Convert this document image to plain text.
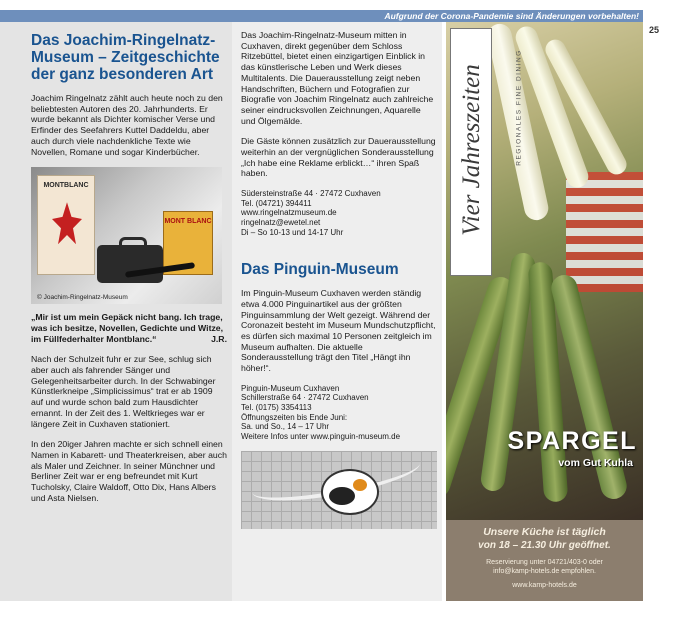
Aufgrund der Corona-Pandemie sind Änderungen vorbehalten!
25
Das Joachim-Ringelnatz-Museum – Zeitgeschichte der ganz besonderen Art

Joachim Ringelnatz zählt auch heute noch zu den beliebtesten Autoren des 20. Jahrhunderts. Er wurde bekannt als Dichter komischer Verse und Erfinder des Seefahrers Kuttel Daddeldu, aber auch durch viele nachdenkliche Texte wie Novellen, Romane und sogar Kinderbücher.

MONTBLANC
MONT BLANC
© Joachim-Ringelnatz-Museum
„Mir ist um mein Gepäck nicht bang. Ich trage, was ich besitze, Novellen, Gedichte und Witze, im Füllfederhalter Montblanc.“	J.R.

Nach der Schulzeit fuhr er zur See, schlug sich aber auch als fahrender Sänger und Gelegenheitsarbeiter durch. In der Schwabinger Künstlerkneipe „Simplicissimus“ trat er ab 1909 auf und wurde schon bald zum Hausdichter ernannt. In der Zeit des 1. Weltkrieges war er längere Zeit in Cuxhaven stationiert.

In den 20iger Jahren machte er sich schnell einen Namen in Kabarett- und Theaterkreisen, aber auch als Maler und Zeichner. In seiner Münchner und Berliner Zeit war er eng befreundet mit Kurt Tucholsky, Claire Waldoff, Otto Dix, Hans Albers und Asta Nielsen.

Das Joachim-Ringelnatz-Museum mitten in Cuxhaven, direkt gegenüber dem Schloss Ritzebüttel, bietet einen einzigartigen Einblick in das künstlerische Leben und Werk dieses Multitalents. Die Dauerausstellung zeigt neben Handschriften, Büchern und Fotografien zur Biografie von Joachim Ringelnatz auch zahlreiche seiner eindrucksvollen Zeichnungen, Aquarelle und Ölgemälde.

Die Gäste können zusätzlich zur Dauerausstellung weiterhin an der vergnüglichen Sonderausstellung „Ich habe eine Reklame erblickt…“ ihren Spaß haben.

Südersteinstraße 44 · 27472 Cuxhaven
Tel. (04721) 394411
www.ringelnatzmuseum.de
ringelnatz@ewetel.net
Di – So 10-13 und 14-17 Uhr
Das Pinguin-Museum

Im Pinguin-Museum Cuxhaven werden ständig etwa 4.000 Pinguinartikel aus der größten Pinguinsammlung der Welt gezeigt. Während der Coronazeit besteht im Museum Mundschutzpflicht, es dürfen sich maximal 10 Personen zeitgleich im Museum aufhalten. Die aktuelle Sonderausstellung trägt den Titel „Hängt ihn höher!“.

Pinguin-Museum Cuxhaven
Schillerstraße 64 · 27472 Cuxhaven
Tel. (0175) 3354113
Öffnungszeiten bis Ende Juni:
Sa. und So., 14 – 17 Uhr
Weitere Infos unter www.pinguin-museum.de
Vier Jahreszeiten	REGIONALES FINE DINING
SPARGEL
vom Gut Kuhla
Unsere Küche ist täglich
von 18 – 21.30 Uhr geöffnet.
Reservierung unter 04721/403-0 oder
info@kamp-hotels.de empfohlen.
www.kamp-hotels.de
